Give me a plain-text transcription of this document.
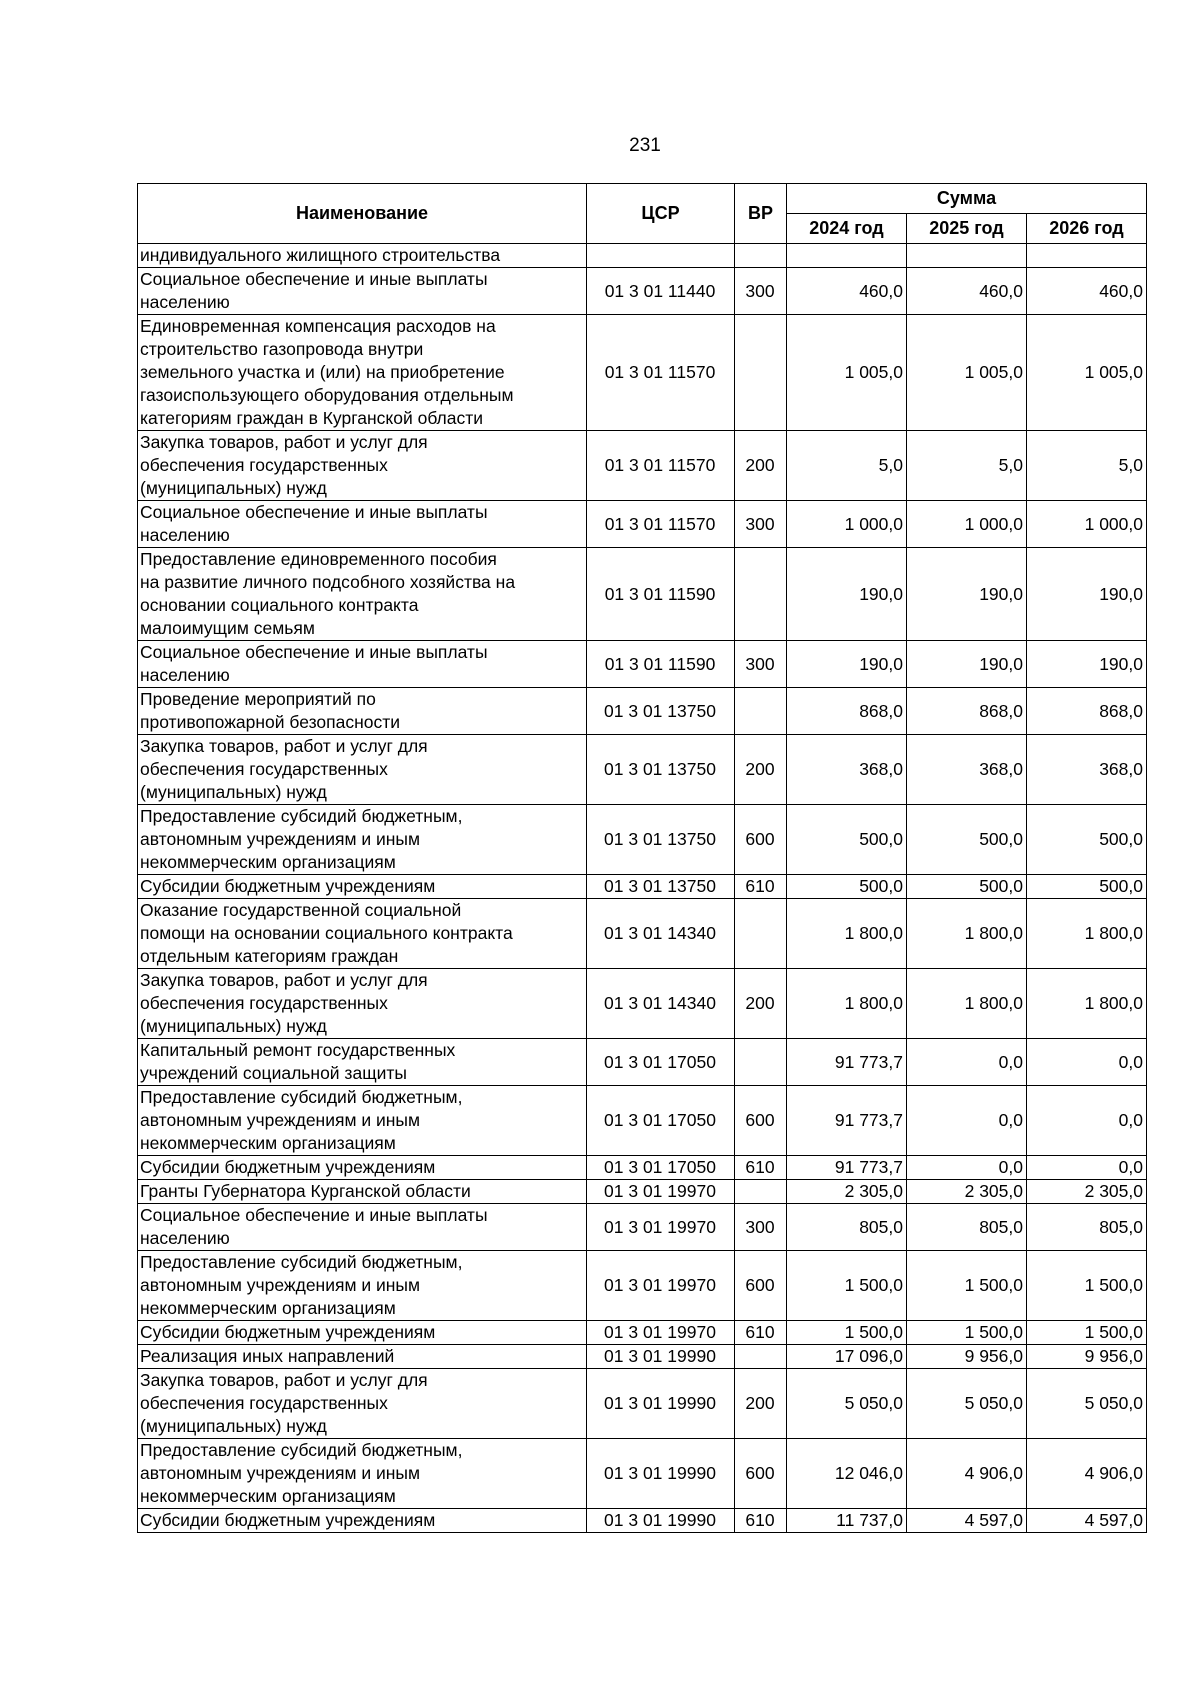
231
Наименование	ЦСР	ВР	Сумма		
			2024 год	2025 год	2026 год

индивидуального жилищного строительства					

Социальное обеспечение и иные выплаты
населению	01 3 01 11440	300	460,0	460,0	460,0

Единовременная компенсация расходов на
строительство газопровода внутри
земельного участка и (или) на приобретение
газоиспользующего оборудования отдельным
категориям граждан в Курганской области	01 3 01 11570		1 005,0	1 005,0	1 005,0

Закупка товаров, работ и услуг для
обеспечения государственных
(муниципальных) нужд	01 3 01 11570	200	5,0	5,0	5,0

Социальное обеспечение и иные выплаты
населению	01 3 01 11570	300	1 000,0	1 000,0	1 000,0

Предоставление единовременного пособия
на развитие личного подсобного хозяйства на
основании социального контракта
малоимущим семьям	01 3 01 11590		190,0	190,0	190,0

Социальное обеспечение и иные выплаты
населению	01 3 01 11590	300	190,0	190,0	190,0

Проведение мероприятий по
противопожарной безопасности	01 3 01 13750		868,0	868,0	868,0

Закупка товаров, работ и услуг для
обеспечения государственных
(муниципальных) нужд	01 3 01 13750	200	368,0	368,0	368,0

Предоставление субсидий бюджетным,
автономным учреждениям и иным
некоммерческим организациям	01 3 01 13750	600	500,0	500,0	500,0

Субсидии бюджетным учреждениям	01 3 01 13750	610	500,0	500,0	500,0

Оказание государственной социальной
помощи на основании социального контракта
отдельным категориям граждан	01 3 01 14340		1 800,0	1 800,0	1 800,0

Закупка товаров, работ и услуг для
обеспечения государственных
(муниципальных) нужд	01 3 01 14340	200	1 800,0	1 800,0	1 800,0

Капитальный ремонт государственных
учреждений социальной защиты	01 3 01 17050		91 773,7	0,0	0,0

Предоставление субсидий бюджетным,
автономным учреждениям и иным
некоммерческим организациям	01 3 01 17050	600	91 773,7	0,0	0,0

Субсидии бюджетным учреждениям	01 3 01 17050	610	91 773,7	0,0	0,0

Гранты Губернатора Курганской области	01 3 01 19970		2 305,0	2 305,0	2 305,0

Социальное обеспечение и иные выплаты
населению	01 3 01 19970	300	805,0	805,0	805,0

Предоставление субсидий бюджетным,
автономным учреждениям и иным
некоммерческим организациям	01 3 01 19970	600	1 500,0	1 500,0	1 500,0

Субсидии бюджетным учреждениям	01 3 01 19970	610	1 500,0	1 500,0	1 500,0

Реализация иных направлений	01 3 01 19990		17 096,0	9 956,0	9 956,0

Закупка товаров, работ и услуг для
обеспечения государственных
(муниципальных) нужд	01 3 01 19990	200	5 050,0	5 050,0	5 050,0

Предоставление субсидий бюджетным,
автономным учреждениям и иным
некоммерческим организациям	01 3 01 19990	600	12 046,0	4 906,0	4 906,0

Субсидии бюджетным учреждениям	01 3 01 19990	610	11 737,0	4 597,0	4 597,0
